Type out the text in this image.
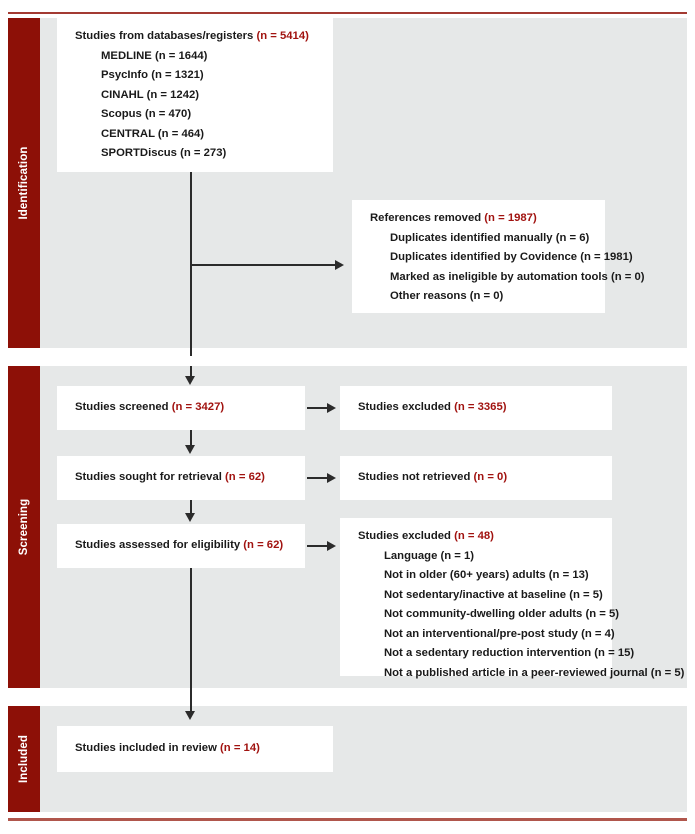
Identification
Screening
Included
Studies from databases/registers (n = 5414)
MEDLINE (n = 1644)
PsycInfo (n = 1321)
CINAHL (n = 1242)
Scopus (n = 470)
CENTRAL (n = 464)
SPORTDiscus (n = 273)
References removed (n = 1987)
Duplicates identified manually (n = 6)
Duplicates identified by Covidence (n = 1981)
Marked as ineligible by automation tools (n = 0)
Other reasons (n = 0)
Studies screened (n = 3427)	Studies excluded (n = 3365)
Studies sought for retrieval (n = 62)	Studies not retrieved (n = 0)
Studies assessed for eligibility (n = 62)
Studies excluded (n = 48)
Language (n = 1)
Not in older (60+ years) adults (n = 13)
Not sedentary/inactive at baseline (n = 5)
Not community-dwelling older adults (n = 5)
Not an interventional/pre-post study (n = 4)
Not a sedentary reduction intervention (n = 15)
Not a published article in a peer-reviewed journal (n = 5)
Studies included in review (n = 14)
